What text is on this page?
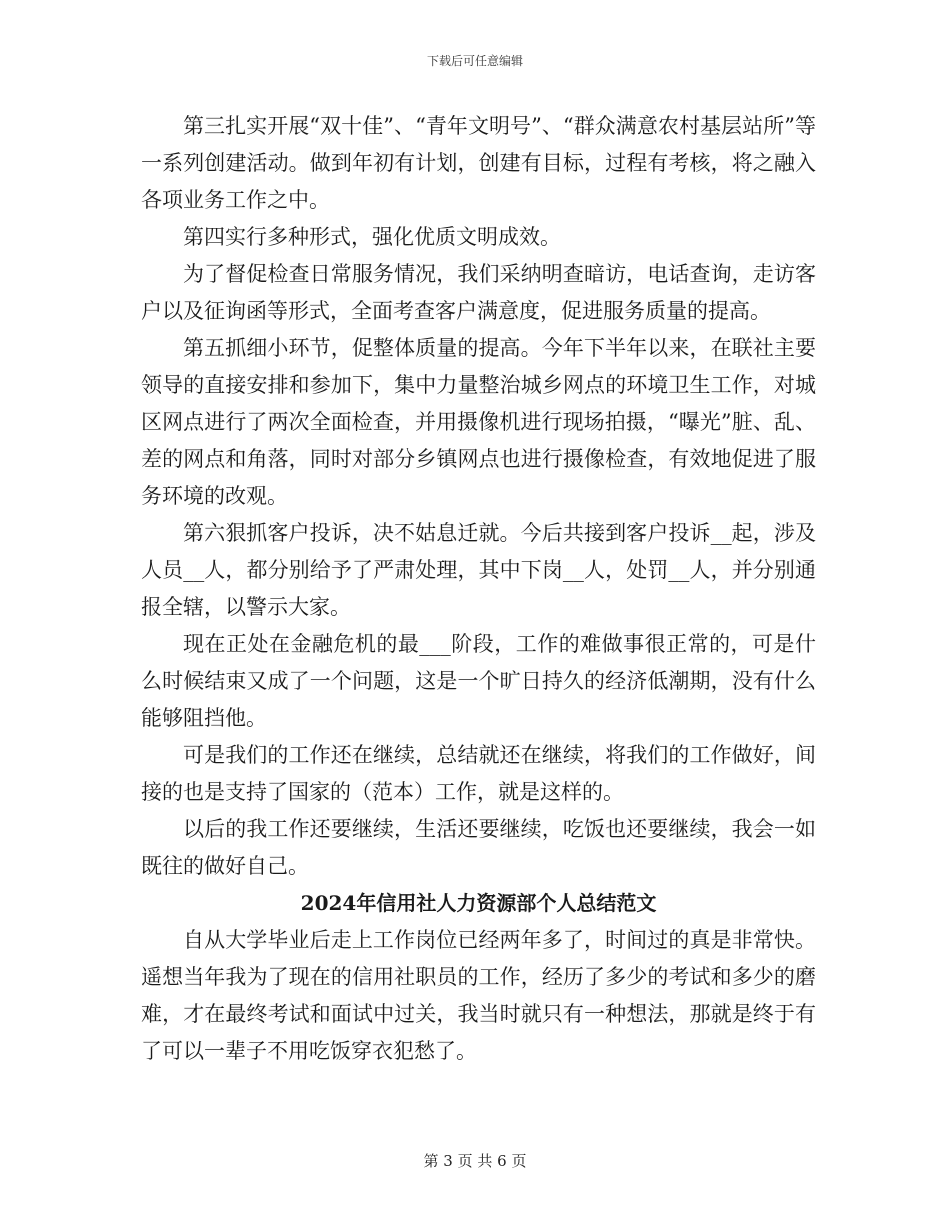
下载后可任意编辑

第三扎实开展“双十佳”、“青年文明号”、“群众满意农村基层站所”等一系列创建活动。做到年初有计划，创建有目标，过程有考核，将之融入各项业务工作之中。

第四实行多种形式，强化优质文明成效。

为了督促检查日常服务情况，我们采纳明查暗访，电话查询，走访客户以及征询函等形式，全面考查客户满意度，促进服务质量的提高。

第五抓细小环节，促整体质量的提高。今年下半年以来，在联社主要领导的直接安排和参加下，集中力量整治城乡网点的环境卫生工作，对城区网点进行了两次全面检查，并用摄像机进行现场拍摄，“曝光”脏、乱、差的网点和角落，同时对部分乡镇网点也进行摄像检查，有效地促进了服务环境的改观。

第六狠抓客户投诉，决不姑息迁就。今后共接到客户投诉__起，涉及人员__人，都分别给予了严肃处理，其中下岗__人，处罚__人，并分别通报全辖，以警示大家。

现在正处在金融危机的最___阶段，工作的难做事很正常的，可是什么时候结束又成了一个问题，这是一个旷日持久的经济低潮期，没有什么能够阻挡他。

可是我们的工作还在继续，总结就还在继续，将我们的工作做好，间接的也是支持了国家的（范本）工作，就是这样的。

以后的我工作还要继续，生活还要继续，吃饭也还要继续，我会一如既往的做好自己。

2024年信用社人力资源部个人总结范文

自从大学毕业后走上工作岗位已经两年多了，时间过的真是非常快。遥想当年我为了现在的信用社职员的工作，经历了多少的考试和多少的磨难，才在最终考试和面试中过关，我当时就只有一种想法，那就是终于有了可以一辈子不用吃饭穿衣犯愁了。

第 3 页 共 6 页
